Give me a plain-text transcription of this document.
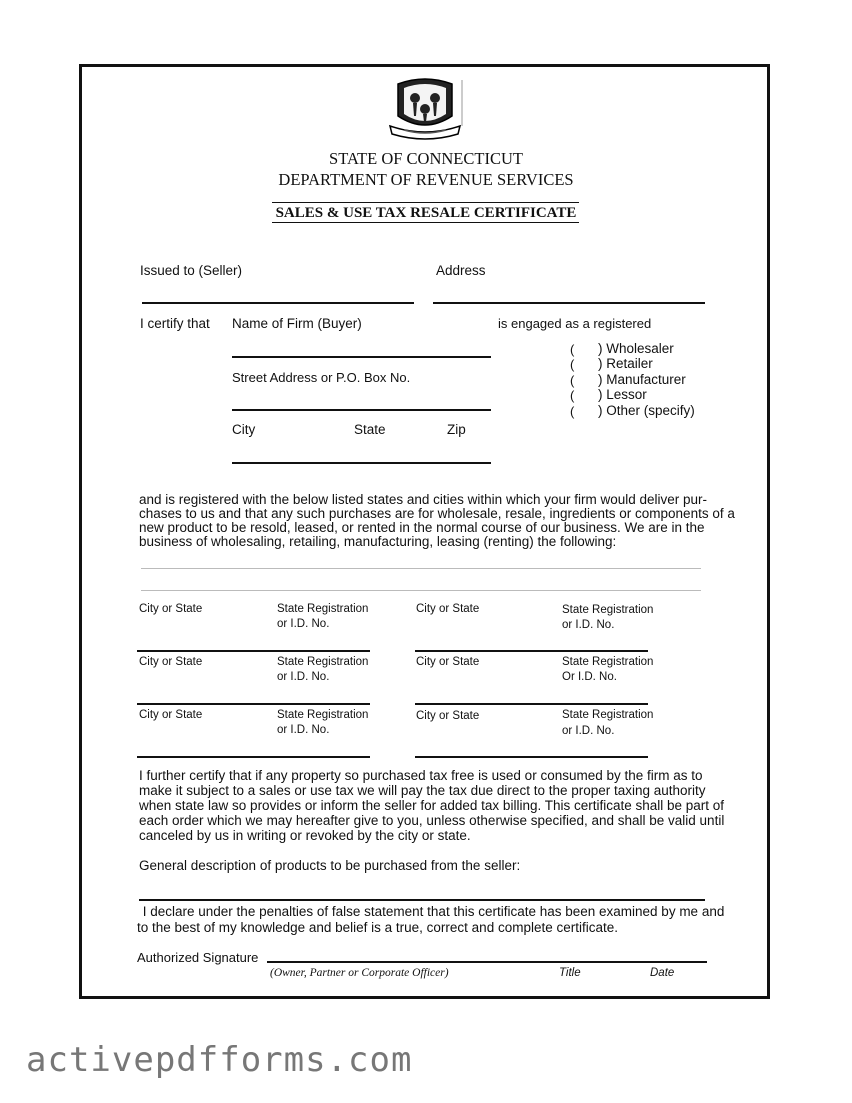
STATE OF CONNECTICUT
DEPARTMENT OF REVENUE SERVICES
SALES & USE TAX RESALE CERTIFICATE
Issued to (Seller)	Address
I certify that Name of Firm (Buyer)	is engaged as a registered
Street Address or P.O. Box No.
City	State	Zip
( ) Wholesaler
( ) Retailer
( ) Manufacturer
( ) Lessor
( ) Other (specify)
and is registered with the below listed states and cities within which your firm would deliver pur-
chases to us and that any such purchases are for wholesale, resale, ingredients or components of a
new product to be resold, leased, or rented in the normal course of our business. We are in the
business of wholesaling, retailing, manufacturing, leasing (renting) the following:
City or State	State Registration
or I.D. No.
City or State	State Registration
or I.D. No.
City or State	State Registration
or I.D. No.
City or State	State Registration
Or I.D. No.
City or State	State Registration
or I.D. No.
City or State	State Registration
or I.D. No.
I further certify that if any property so purchased tax free is used or consumed by the firm as to
make it subject to a sales or use tax we will pay the tax due direct to the proper taxing authority
when state law so provides or inform the seller for added tax billing. This certificate shall be part of
each order which we may hereafter give to you, unless otherwise specified, and shall be valid until
canceled by us in writing or revoked by the city or state.
General description of products to be purchased from the seller:
I declare under the penalties of false statement that this certificate has been examined by me and
to the best of my knowledge and belief is a true, correct and complete certificate.
Authorized Signature
(Owner, Partner or Corporate Officer)	Title	Date
activepdfforms.com
